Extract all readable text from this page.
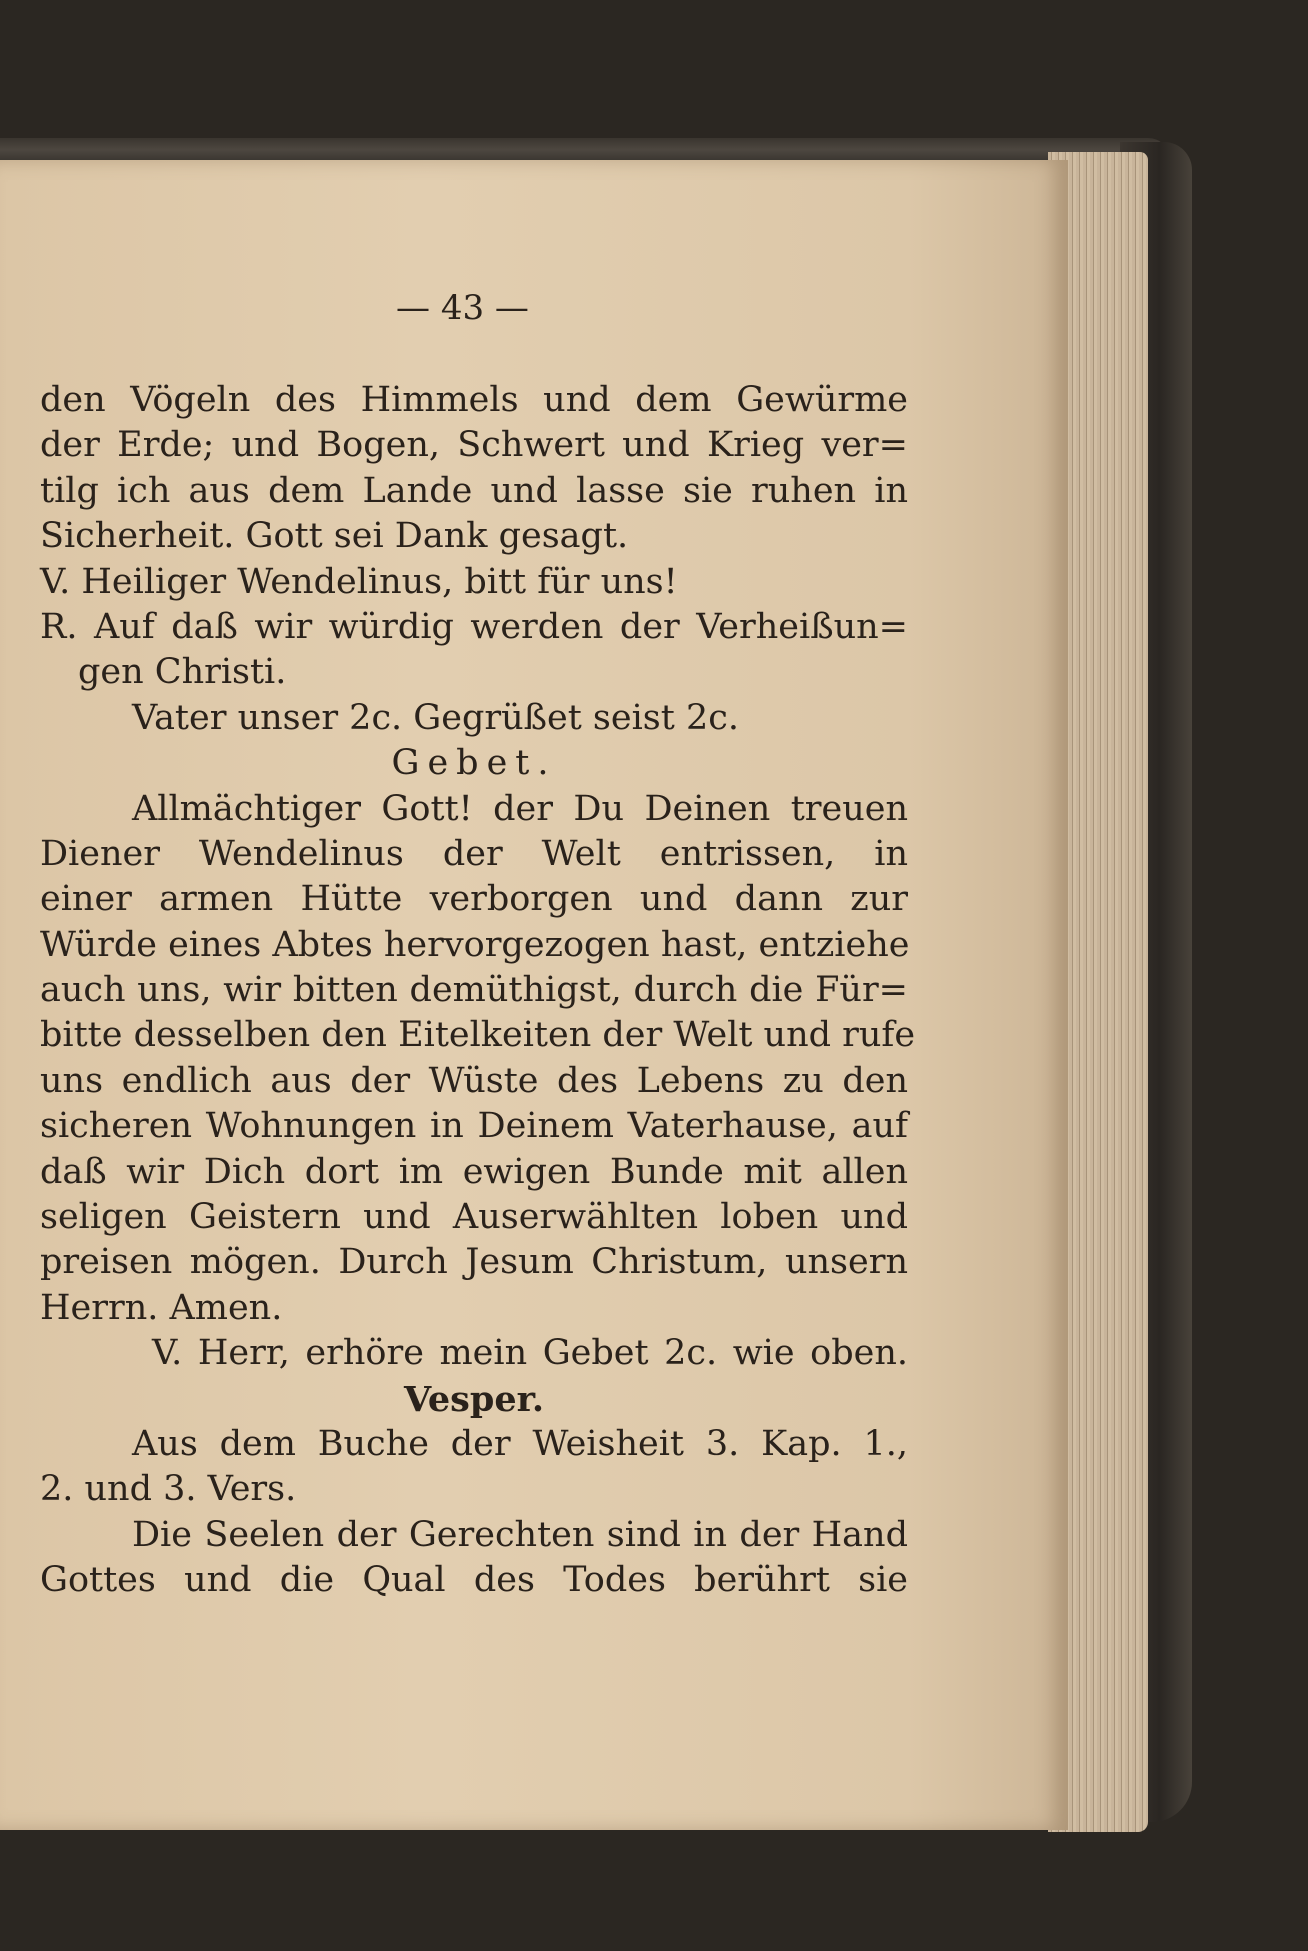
— 43 —

den Vögeln des Himmels und dem Gewürme
der Erde; und Bogen, Schwert und Krieg ver=
tilg ich aus dem Lande und lasse sie ruhen in
Sicherheit. Gott sei Dank gesagt.
V. Heiliger Wendelinus, bitt für uns!
R. Auf daß wir würdig werden der Verheißun=
gen Christi.
Vater unser 2c. Gegrüßet seist 2c.
Gebet.
Allmächtiger Gott! der Du Deinen treuen
Diener Wendelinus der Welt entrissen, in
einer armen Hütte verborgen und dann zur
Würde eines Abtes hervorgezogen hast, entziehe
auch uns, wir bitten demüthigst, durch die Für=
bitte desselben den Eitelkeiten der Welt und rufe
uns endlich aus der Wüste des Lebens zu den
sicheren Wohnungen in Deinem Vaterhause, auf
daß wir Dich dort im ewigen Bunde mit allen
seligen Geistern und Auserwählten loben und
preisen mögen. Durch Jesum Christum, unsern
Herrn. Amen.
V. Herr, erhöre mein Gebet 2c. wie oben.
Vesper.
Aus dem Buche der Weisheit 3. Kap. 1.,
2. und 3. Vers.
Die Seelen der Gerechten sind in der Hand
Gottes und die Qual des Todes berührt sie
